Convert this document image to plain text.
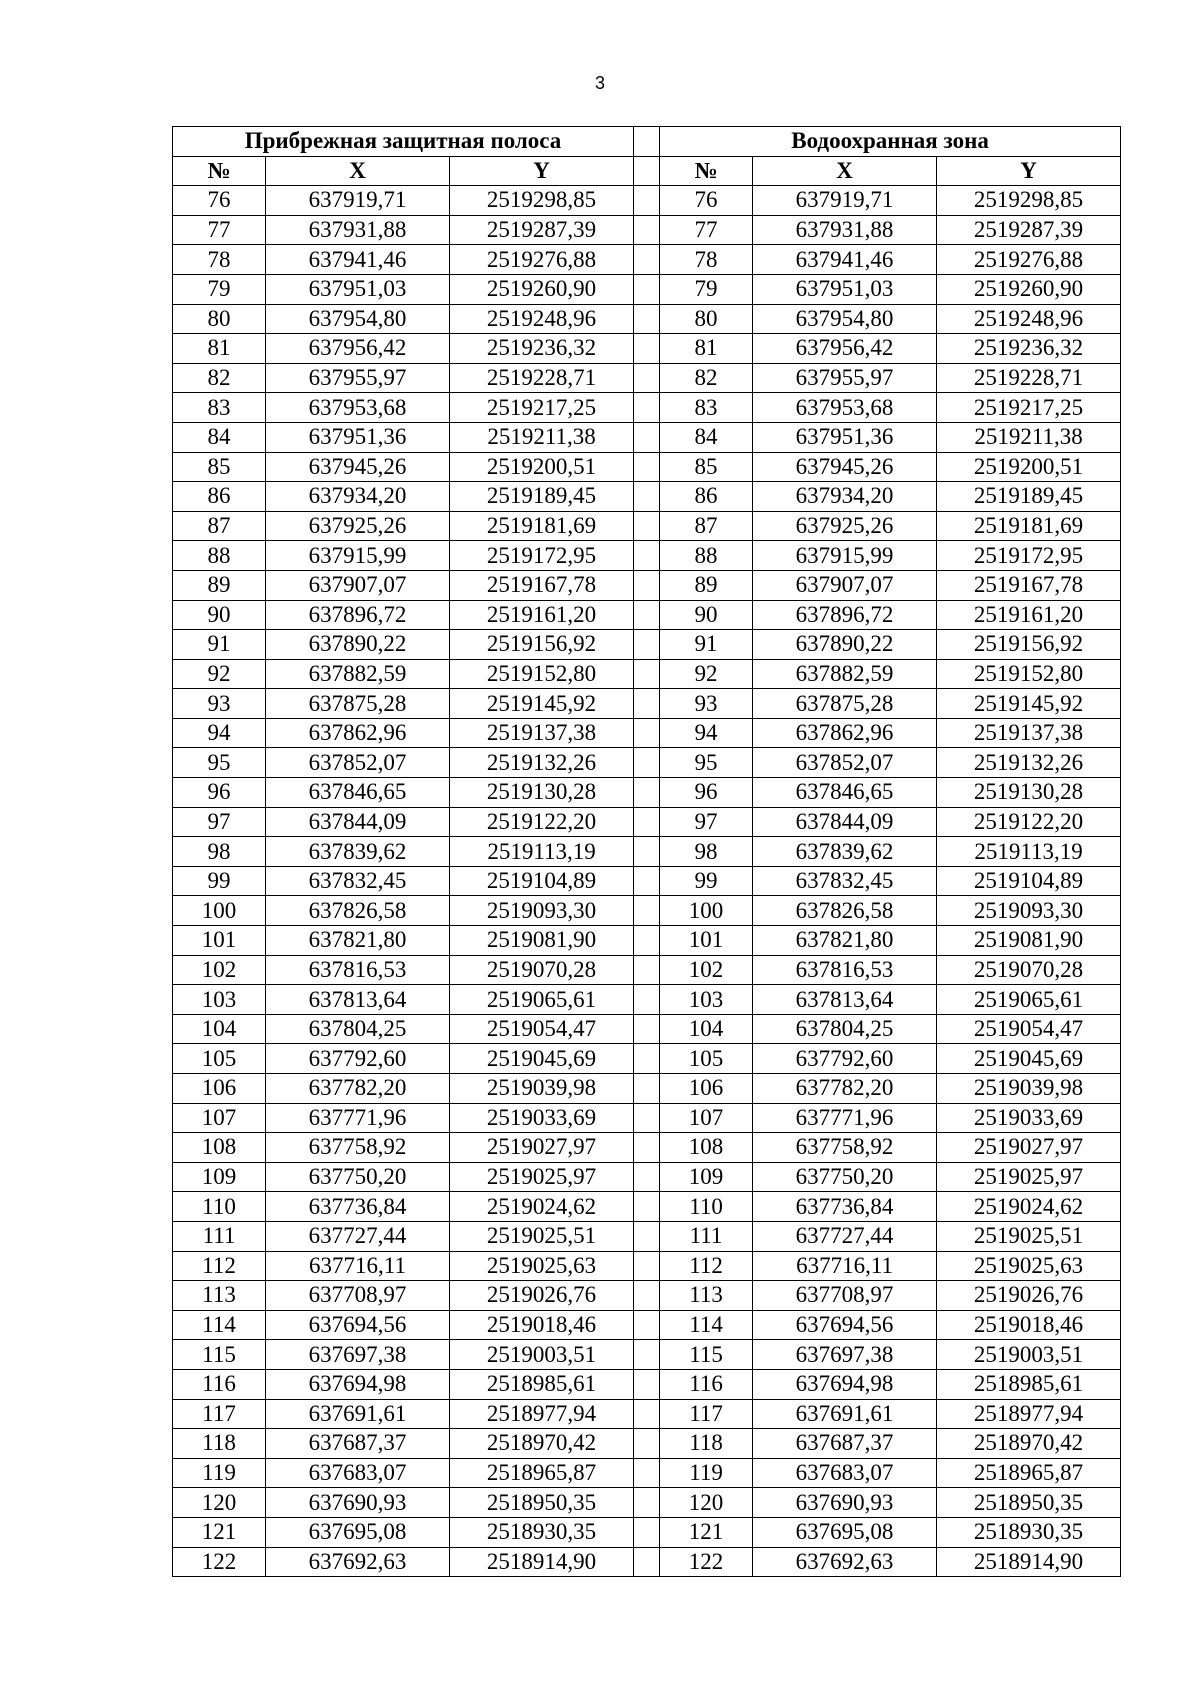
3
Прибрежная защитная полоса				Водоохранная зона		
№	X	Y		№	X	Y
76	637919,71	2519298,85		76	637919,71	2519298,85
77	637931,88	2519287,39		77	637931,88	2519287,39
78	637941,46	2519276,88		78	637941,46	2519276,88
79	637951,03	2519260,90		79	637951,03	2519260,90
80	637954,80	2519248,96		80	637954,80	2519248,96
81	637956,42	2519236,32		81	637956,42	2519236,32
82	637955,97	2519228,71		82	637955,97	2519228,71
83	637953,68	2519217,25		83	637953,68	2519217,25
84	637951,36	2519211,38		84	637951,36	2519211,38
85	637945,26	2519200,51		85	637945,26	2519200,51
86	637934,20	2519189,45		86	637934,20	2519189,45
87	637925,26	2519181,69		87	637925,26	2519181,69
88	637915,99	2519172,95		88	637915,99	2519172,95
89	637907,07	2519167,78		89	637907,07	2519167,78
90	637896,72	2519161,20		90	637896,72	2519161,20
91	637890,22	2519156,92		91	637890,22	2519156,92
92	637882,59	2519152,80		92	637882,59	2519152,80
93	637875,28	2519145,92		93	637875,28	2519145,92
94	637862,96	2519137,38		94	637862,96	2519137,38
95	637852,07	2519132,26		95	637852,07	2519132,26
96	637846,65	2519130,28		96	637846,65	2519130,28
97	637844,09	2519122,20		97	637844,09	2519122,20
98	637839,62	2519113,19		98	637839,62	2519113,19
99	637832,45	2519104,89		99	637832,45	2519104,89
100	637826,58	2519093,30		100	637826,58	2519093,30
101	637821,80	2519081,90		101	637821,80	2519081,90
102	637816,53	2519070,28		102	637816,53	2519070,28
103	637813,64	2519065,61		103	637813,64	2519065,61
104	637804,25	2519054,47		104	637804,25	2519054,47
105	637792,60	2519045,69		105	637792,60	2519045,69
106	637782,20	2519039,98		106	637782,20	2519039,98
107	637771,96	2519033,69		107	637771,96	2519033,69
108	637758,92	2519027,97		108	637758,92	2519027,97
109	637750,20	2519025,97		109	637750,20	2519025,97
110	637736,84	2519024,62		110	637736,84	2519024,62
111	637727,44	2519025,51		111	637727,44	2519025,51
112	637716,11	2519025,63		112	637716,11	2519025,63
113	637708,97	2519026,76		113	637708,97	2519026,76
114	637694,56	2519018,46		114	637694,56	2519018,46
115	637697,38	2519003,51		115	637697,38	2519003,51
116	637694,98	2518985,61		116	637694,98	2518985,61
117	637691,61	2518977,94		117	637691,61	2518977,94
118	637687,37	2518970,42		118	637687,37	2518970,42
119	637683,07	2518965,87		119	637683,07	2518965,87
120	637690,93	2518950,35		120	637690,93	2518950,35
121	637695,08	2518930,35		121	637695,08	2518930,35
122	637692,63	2518914,90		122	637692,63	2518914,90
